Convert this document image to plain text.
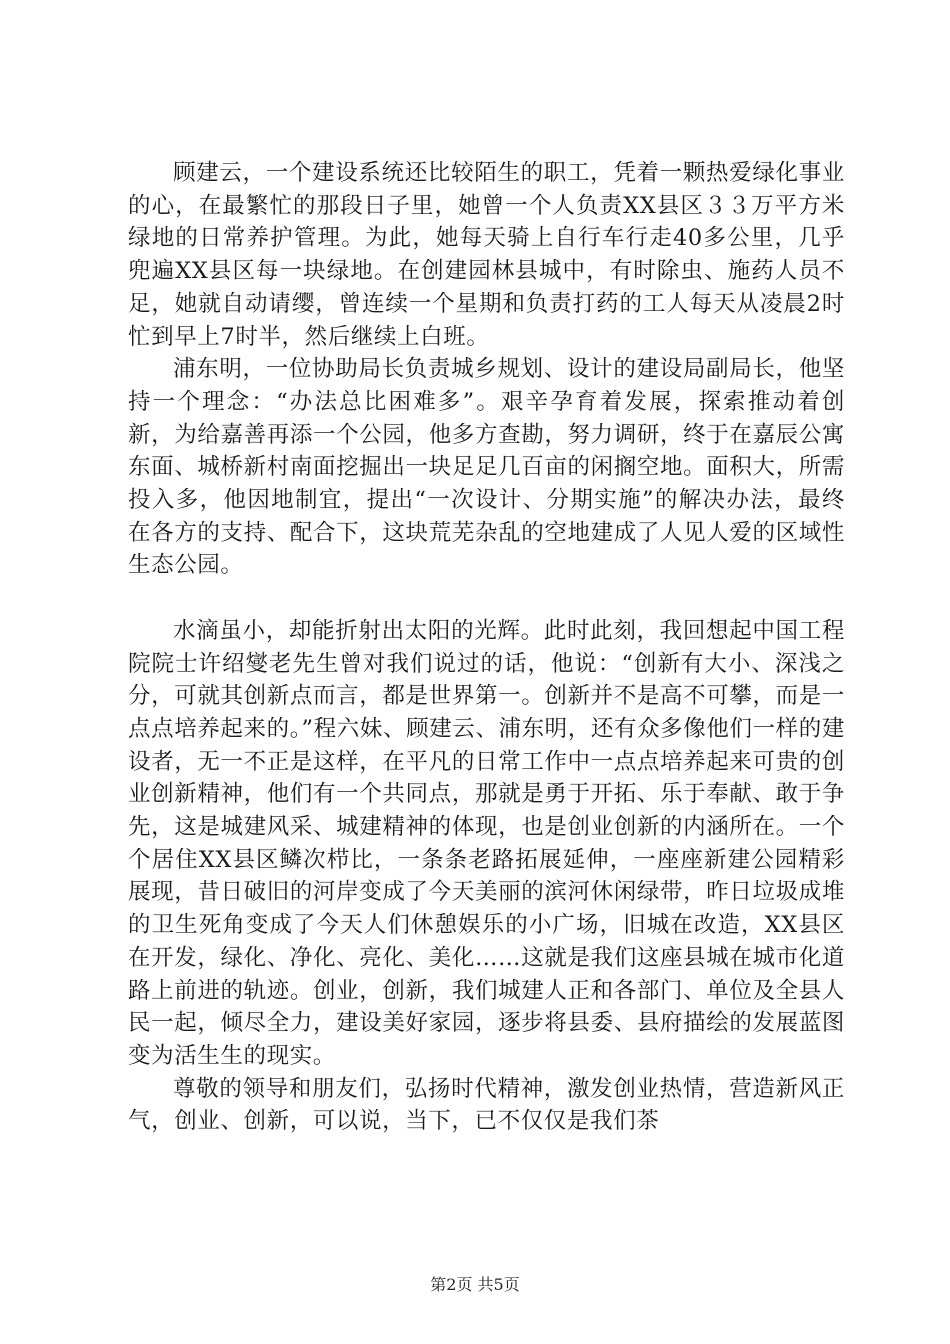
顾建云，一个建设系统还比较陌生的职工，凭着一颗热爱绿化事业的心，在最繁忙的那段日子里，她曾一个人负责XX县区３３万平方米绿地的日常养护管理。为此，她每天骑上自行车行走40多公里，几乎兜遍XX县区每一块绿地。在创建园林县城中，有时除虫、施药人员不足，她就自动请缨，曾连续一个星期和负责打药的工人每天从凌晨2时忙到早上7时半，然后继续上白班。

浦东明，一位协助局长负责城乡规划、设计的建设局副局长，他坚持一个理念：“办法总比困难多”。艰辛孕育着发展，探索推动着创新，为给嘉善再添一个公园，他多方查勘，努力调研，终于在嘉辰公寓东面、城桥新村南面挖掘出一块足足几百亩的闲搁空地。面积大，所需投入多，他因地制宜，提出“一次设计、分期实施”的解决办法，最终在各方的支持、配合下，这块荒芜杂乱的空地建成了人见人爱的区域性生态公园。

水滴虽小，却能折射出太阳的光辉。此时此刻，我回想起中国工程院院士许绍燮老先生曾对我们说过的话，他说：“创新有大小、深浅之分，可就其创新点而言，都是世界第一。创新并不是高不可攀，而是一点点培养起来的。”程六妹、顾建云、浦东明，还有众多像他们一样的建设者，无一不正是这样，在平凡的日常工作中一点点培养起来可贵的创业创新精神，他们有一个共同点，那就是勇于开拓、乐于奉献、敢于争先，这是城建风采、城建精神的体现，也是创业创新的内涵所在。一个个居住XX县区鳞次栉比，一条条老路拓展延伸，一座座新建公园精彩展现，昔日破旧的河岸变成了今天美丽的滨河休闲绿带，昨日垃圾成堆的卫生死角变成了今天人们休憩娱乐的小广场，旧城在改造，XX县区在开发，绿化、净化、亮化、美化……这就是我们这座县城在城市化道路上前进的轨迹。创业，创新，我们城建人正和各部门、单位及全县人民一起，倾尽全力，建设美好家园，逐步将县委、县府描绘的发展蓝图变为活生生的现实。

尊敬的领导和朋友们，弘扬时代精神，激发创业热情，营造新风正气，创业、创新，可以说，当下，已不仅仅是我们茶

第2页 共5页
